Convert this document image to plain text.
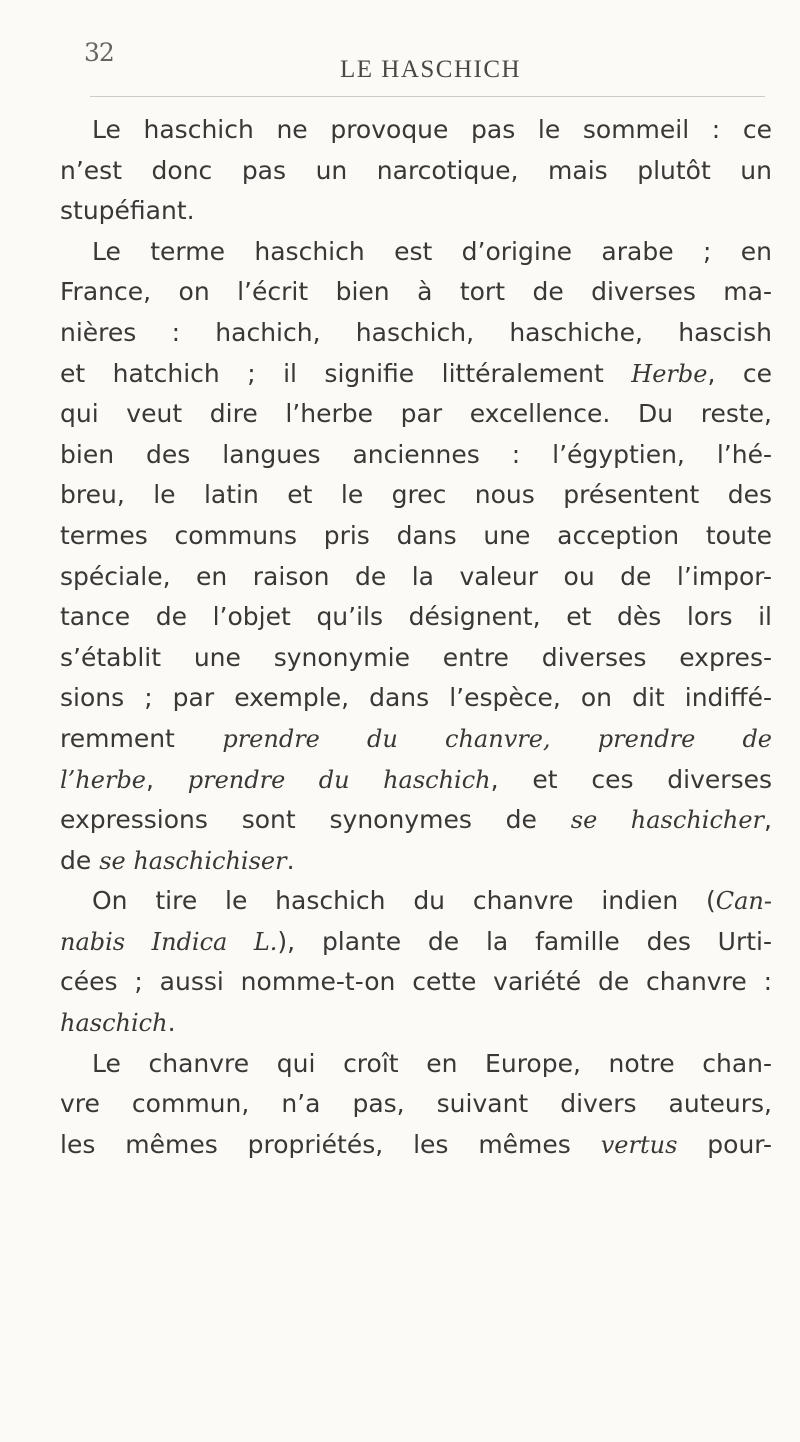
32
LE HASCHICH
Le haschich ne provoque pas le sommeil : ce
n’est donc pas un narcotique, mais plutôt un
stupéfiant.
Le terme haschich est d’origine arabe ; en
France, on l’écrit bien à tort de diverses ma-
nières : hachich, haschich, haschiche, hascish
et hatchich ; il signifie littéralement Herbe, ce
qui veut dire l’herbe par excellence. Du reste,
bien des langues anciennes : l’égyptien, l’hé-
breu, le latin et le grec nous présentent des
termes communs pris dans une acception toute
spéciale, en raison de la valeur ou de l’impor-
tance de l’objet qu’ils désignent, et dès lors il
s’établit une synonymie entre diverses expres-
sions ; par exemple, dans l’espèce, on dit indiffé-
remment prendre du chanvre, prendre de
l’herbe, prendre du haschich, et ces diverses
expressions sont synonymes de se haschicher,
de se haschichiser.
On tire le haschich du chanvre indien (Can-
nabis Indica L.), plante de la famille des Urti-
cées ; aussi nomme-t-on cette variété de chanvre :
haschich.
Le chanvre qui croît en Europe, notre chan-
vre commun, n’a pas, suivant divers auteurs,
les mêmes propriétés, les mêmes vertus pour-
